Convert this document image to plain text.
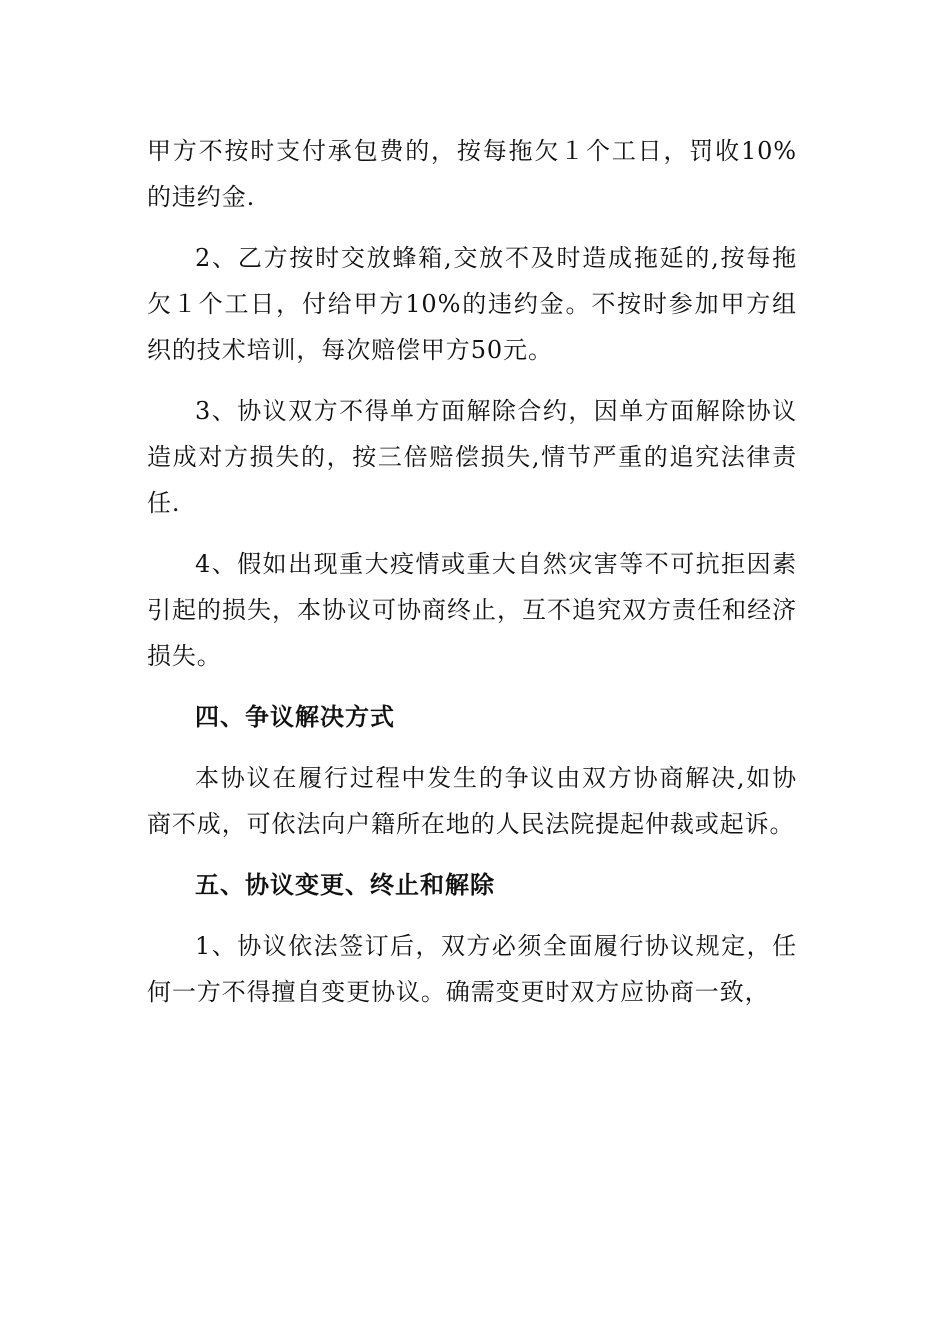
甲方不按时支付承包费的，按每拖欠１个工日，罚收10%的违约金.

2、乙方按时交放蜂箱,交放不及时造成拖延的,按每拖欠１个工日，付给甲方10%的违约金。不按时参加甲方组织的技术培训，每次赔偿甲方50元。

3、协议双方不得单方面解除合约，因单方面解除协议造成对方损失的，按三倍赔偿损失,情节严重的追究法律责任.

4、假如出现重大疫情或重大自然灾害等不可抗拒因素引起的损失，本协议可协商终止，互不追究双方责任和经济损失。

四、争议解决方式

本协议在履行过程中发生的争议由双方协商解决,如协商不成，可依法向户籍所在地的人民法院提起仲裁或起诉。

五、协议变更、终止和解除

1、协议依法签订后，双方必须全面履行协议规定，任何一方不得擅自变更协议。确需变更时双方应协商一致，
